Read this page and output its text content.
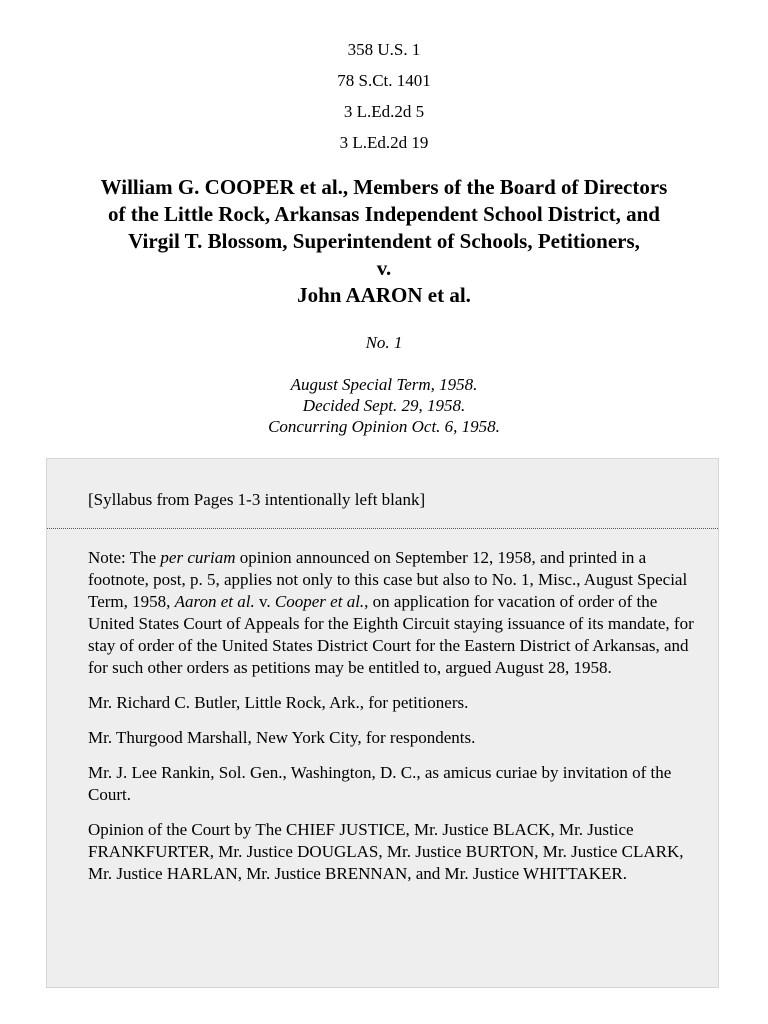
358 U.S. 1
78 S.Ct. 1401
3 L.Ed.2d 5
3 L.Ed.2d 19
William G. COOPER et al., Members of the Board of Directors
of the Little Rock, Arkansas Independent School District, and
Virgil T. Blossom, Superintendent of Schools, Petitioners,
v.
John AARON et al.
No. 1
August Special Term, 1958.
Decided Sept. 29, 1958.
Concurring Opinion Oct. 6, 1958.
[Syllabus from Pages 1-3 intentionally left blank]

Note: The per curiam opinion announced on September 12, 1958, and printed in a footnote, post, p. 5, applies not only to this case but also to No. 1, Misc., August Special Term, 1958, Aaron et al. v. Cooper et al., on application for vacation of order of the United States Court of Appeals for the Eighth Circuit staying issuance of its mandate, for stay of order of the United States District Court for the Eastern District of Arkansas, and for such other orders as petitions may be entitled to, argued August 28, 1958.

Mr. Richard C. Butler, Little Rock, Ark., for petitioners.

Mr. Thurgood Marshall, New York City, for respondents.

Mr. J. Lee Rankin, Sol. Gen., Washington, D. C., as amicus curiae by invitation of the Court.

Opinion of the Court by The CHIEF JUSTICE, Mr. Justice BLACK, Mr. Justice FRANKFURTER, Mr. Justice DOUGLAS, Mr. Justice BURTON, Mr. Justice CLARK, Mr. Justice HARLAN, Mr. Justice BRENNAN, and Mr. Justice WHITTAKER.
